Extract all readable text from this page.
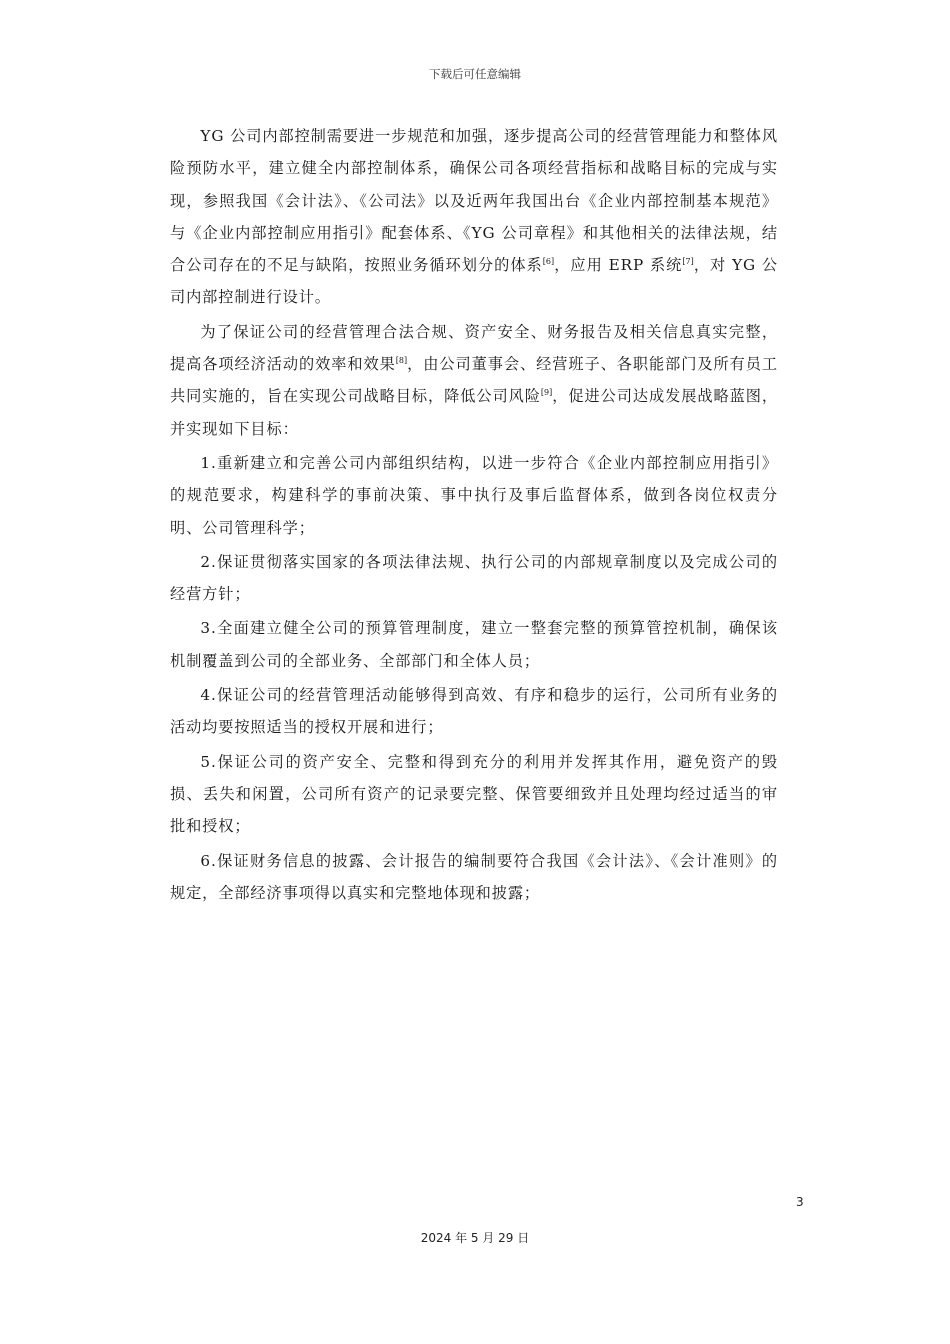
下载后可任意编辑

YG 公司内部控制需要进一步规范和加强，逐步提高公司的经营管理能力和整体风险预防水平，建立健全内部控制体系，确保公司各项经营指标和战略目标的完成与实现，参照我国《会计法》、《公司法》以及近两年我国出台《企业内部控制基本规范》与《企业内部控制应用指引》配套体系、《YG 公司章程》和其他相关的法律法规，结合公司存在的不足与缺陷，按照业务循环划分的体系[6]，应用 ERP 系统[7]，对 YG 公司内部控制进行设计。

为了保证公司的经营管理合法合规、资产安全、财务报告及相关信息真实完整，提高各项经济活动的效率和效果[8]，由公司董事会、经营班子、各职能部门及所有员工共同实施的，旨在实现公司战略目标，降低公司风险[9]，促进公司达成发展战略蓝图，并实现如下目标：

1.重新建立和完善公司内部组织结构，以进一步符合《企业内部控制应用指引》的规范要求，构建科学的事前决策、事中执行及事后监督体系，做到各岗位权责分明、公司管理科学；

2.保证贯彻落实国家的各项法律法规、执行公司的内部规章制度以及完成公司的经营方针；

3.全面建立健全公司的预算管理制度，建立一整套完整的预算管控机制，确保该机制覆盖到公司的全部业务、全部部门和全体人员；

4.保证公司的经营管理活动能够得到高效、有序和稳步的运行，公司所有业务的活动均要按照适当的授权开展和进行；

5.保证公司的资产安全、完整和得到充分的利用并发挥其作用，避免资产的毁损、丢失和闲置，公司所有资产的记录要完整、保管要细致并且处理均经过适当的审批和授权；

6.保证财务信息的披露、会计报告的编制要符合我国《会计法》、《会计准则》的规定，全部经济事项得以真实和完整地体现和披露；

3
2024 年 5 月 29 日
